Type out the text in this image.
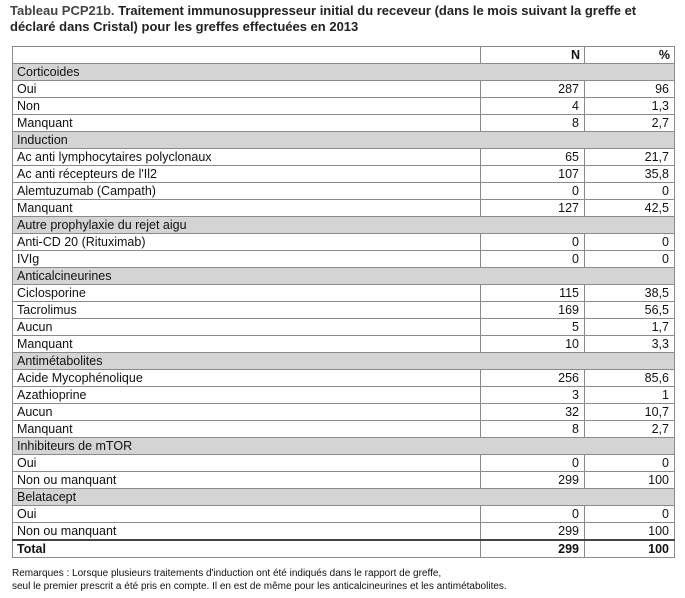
Tableau PCP21b. Traitement immunosuppresseur initial du receveur (dans le mois suivant la greffe et déclaré dans Cristal) pour les greffes effectuées en 2013
	N	%
Corticoides		
Oui	287	96
Non	4	1,3
Manquant	8	2,7
Induction		
Ac anti lymphocytaires polyclonaux	65	21,7
Ac anti récepteurs de l'Il2	107	35,8
Alemtuzumab (Campath)	0	0
Manquant	127	42,5
Autre prophylaxie du rejet aigu		
Anti-CD 20 (Rituximab)	0	0
IVIg	0	0
Anticalcineurines		
Ciclosporine	115	38,5
Tacrolimus	169	56,5
Aucun	5	1,7
Manquant	10	3,3
Antimétabolites		
Acide Mycophénolique	256	85,6
Azathioprine	3	1
Aucun	32	10,7
Manquant	8	2,7
Inhibiteurs de mTOR		
Oui	0	0
Non ou manquant	299	100
Belatacept		
Oui	0	0
Non ou manquant	299	100
Total	299	100
Remarques : Lorsque plusieurs traitements d'induction ont été indiqués dans le rapport de greffe,
seul le premier prescrit a été pris en compte. Il en est de même pour les anticalcineurines et les antimétabolites.
